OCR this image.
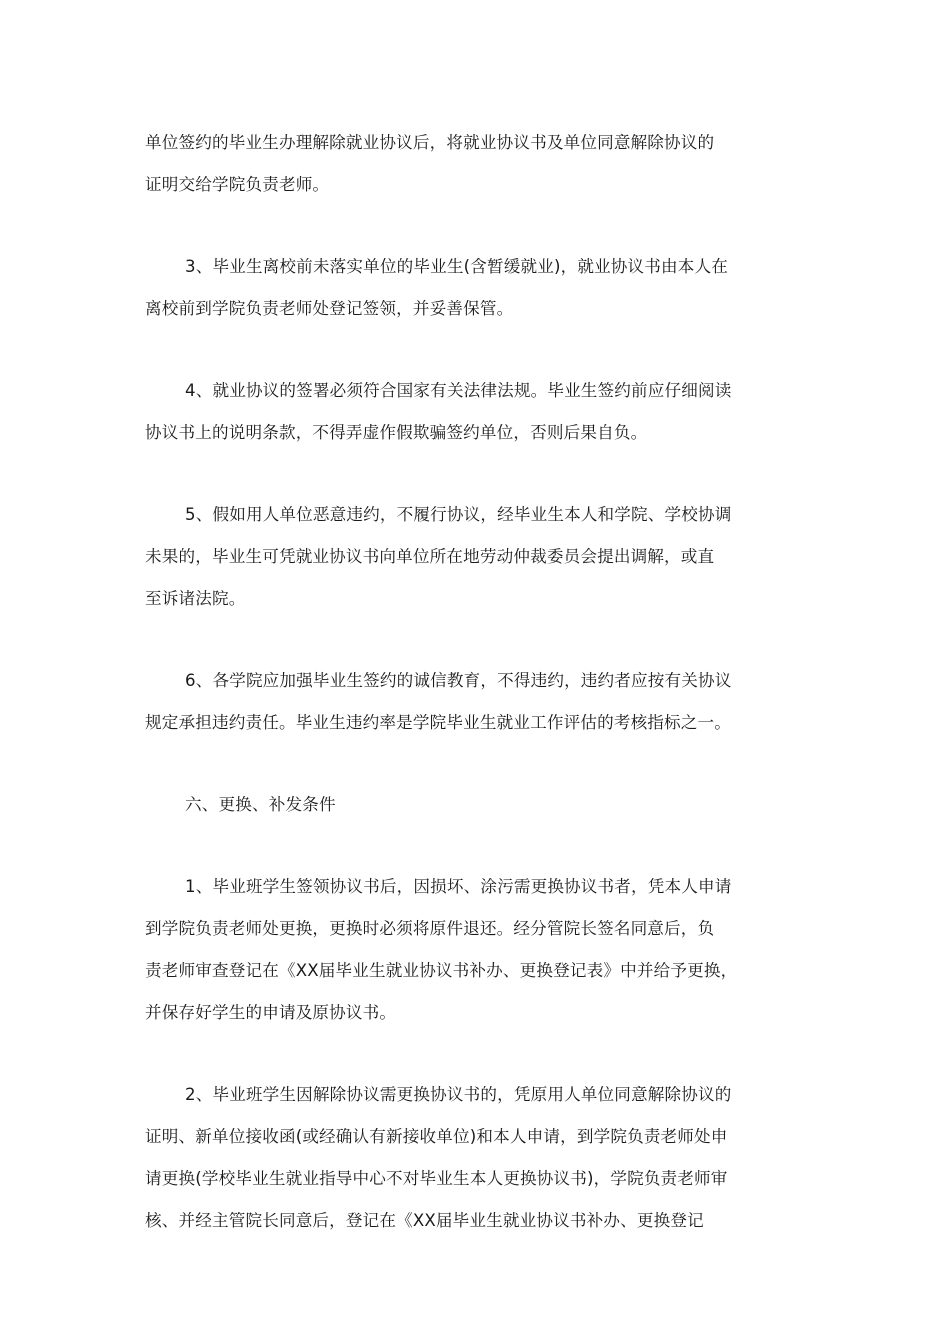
单位签约的毕业生办理解除就业协议后，将就业协议书及单位同意解除协议的
证明交给学院负责老师。

3、毕业生离校前未落实单位的毕业生(含暂缓就业)，就业协议书由本人在
离校前到学院负责老师处登记签领，并妥善保管。

4、就业协议的签署必须符合国家有关法律法规。毕业生签约前应仔细阅读
协议书上的说明条款，不得弄虚作假欺骗签约单位，否则后果自负。

5、假如用人单位恶意违约，不履行协议，经毕业生本人和学院、学校协调
未果的，毕业生可凭就业协议书向单位所在地劳动仲裁委员会提出调解，或直
至诉诸法院。

6、各学院应加强毕业生签约的诚信教育，不得违约，违约者应按有关协议
规定承担违约责任。毕业生违约率是学院毕业生就业工作评估的考核指标之一。

六、更换、补发条件

1、毕业班学生签领协议书后，因损坏、涂污需更换协议书者，凭本人申请
到学院负责老师处更换，更换时必须将原件退还。经分管院长签名同意后，负
责老师审查登记在《XX届毕业生就业协议书补办、更换登记表》中并给予更换，
并保存好学生的申请及原协议书。

2、毕业班学生因解除协议需更换协议书的，凭原用人单位同意解除协议的
证明、新单位接收函(或经确认有新接收单位)和本人申请，到学院负责老师处申
请更换(学校毕业生就业指导中心不对毕业生本人更换协议书)，学院负责老师审
核、并经主管院长同意后，登记在《XX届毕业生就业协议书补办、更换登记
